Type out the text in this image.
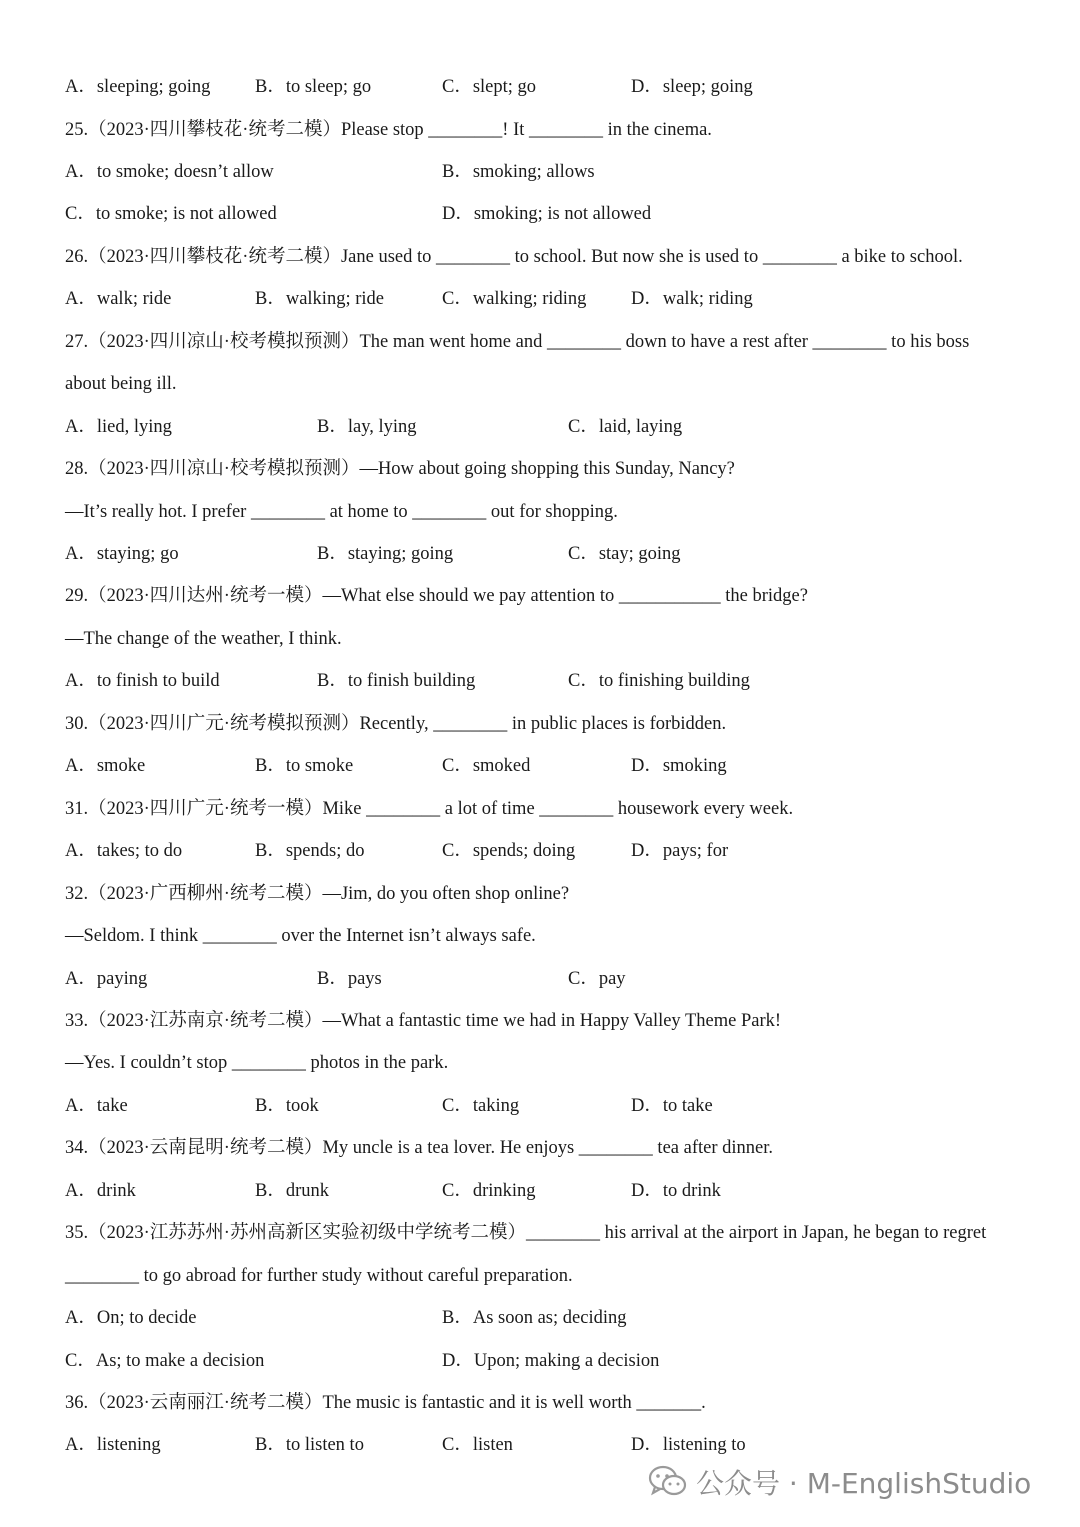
A．sleeping; going B．to sleep; go	C．slept; go	D．sleep; going
25.（2023·四川攀枝花·统考二模）Please stop ________! It ________ in the cinema.
A．to smoke; doesn’t allow	B．smoking; allows
C．to smoke; is not allowed	D．smoking; is not allowed
26.（2023·四川攀枝花·统考二模）Jane used to ________ to school. But now she is used to ________ a bike to school.
A．walk; ride	B．walking; ride	C．walking; riding D．walk; riding
27.（2023·四川凉山·校考模拟预测）The man went home and ________ down to have a rest after ________ to his boss
about being ill.
A．lied, lying	B．lay, lying	C．laid, laying
28.（2023·四川凉山·校考模拟预测）—How about going shopping this Sunday, Nancy?
—It’s really hot. I prefer ________ at home to ________ out for shopping.
A．staying; go	B．staying; going	C．stay; going
29.（2023·四川达州·统考一模）—What else should we pay attention to ___________ the bridge?
—The change of the weather, I think.
A．to finish to build	B．to finish building	C．to finishing building
30.（2023·四川广元·统考模拟预测）Recently, ________ in public places is forbidden.
A．smoke	B．to smoke	C．smoked	D．smoking
31.（2023·四川广元·统考一模）Mike ________ a lot of time ________ housework every week.
A．takes; to do	B．spends; do	C．spends; doing	D．pays; for
32.（2023·广西柳州·统考二模）—Jim, do you often shop online?
—Seldom. I think ________ over the Internet isn’t always safe.
A．paying	B．pays	C．pay
33.（2023·江苏南京·统考二模）—What a fantastic time we had in Happy Valley Theme Park!
—Yes. I couldn’t stop ________ photos in the park.
A．take	B．took	C．taking	D．to take
34.（2023·云南昆明·统考二模）My uncle is a tea lover. He enjoys ________ tea after dinner.
A．drink	B．drunk	C．drinking	D．to drink
35.（2023·江苏苏州·苏州高新区实验初级中学统考二模）________ his arrival at the airport in Japan, he began to regret
________ to go abroad for further study without careful preparation.
A．On; to decide	B．As soon as; deciding
C．As; to make a decision	D．Upon; making a decision
36.（2023·云南丽江·统考二模）The music is fantastic and it is well worth _______.
A．listening	B．to listen to	C．listen	D．listening to
公众号 · M-EnglishStudio
